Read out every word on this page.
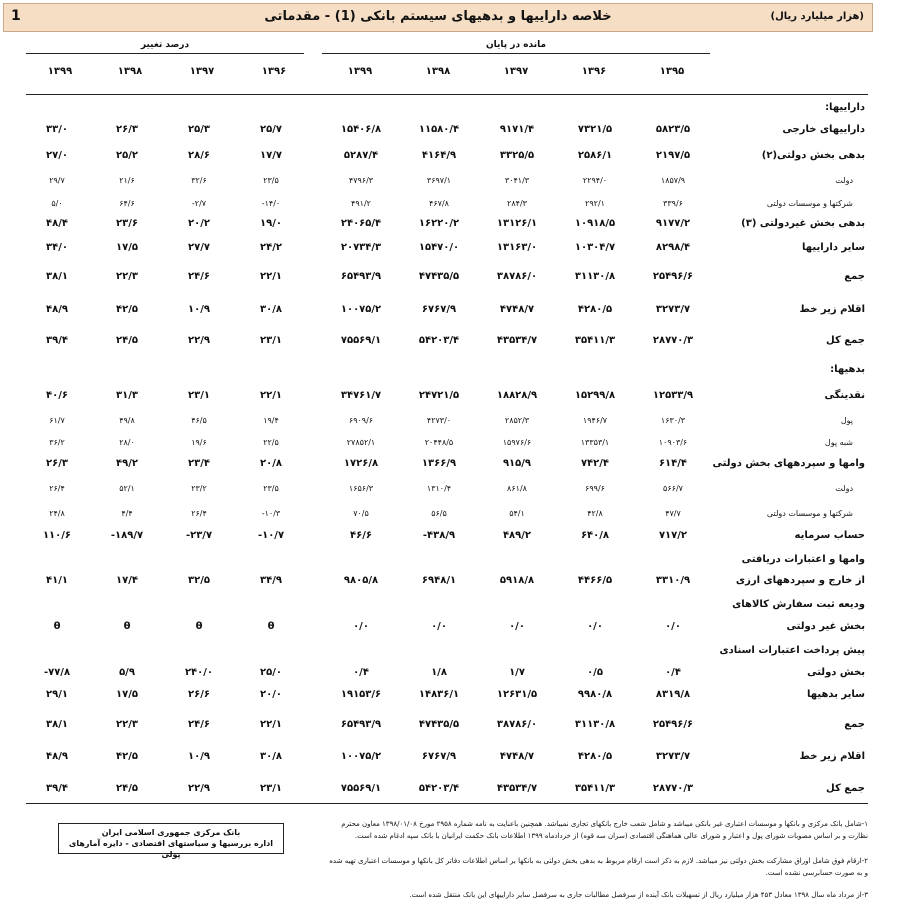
1	خلاصه داراییها و بدهیهای سیستم بانکی (1) - مقدماتی	(هزار میلیارد ریال)
مانده در پایان
درصد تغییر
۱۳۹۵
۱۳۹۶
۱۳۹۷
۱۳۹۸
۱۳۹۹
۱۳۹۶
۱۳۹۷
۱۳۹۸
۱۳۹۹
داراییها:
داراییهای خارجی
۵۸۲۳/۵
۷۳۲۱/۵
۹۱۷۱/۴
۱۱۵۸۰/۴
۱۵۴۰۶/۸
۲۵/۷
۲۵/۳
۲۶/۳
۳۳/۰
بدهی بخش دولتی(۲)
۲۱۹۷/۵
۲۵۸۶/۱
۳۳۲۵/۵
۴۱۶۴/۹
۵۲۸۷/۴
۱۷/۷
۲۸/۶
۲۵/۲
۲۷/۰
دولت
۱۸۵۷/۹
۲۲۹۴/۰
۳۰۴۱/۳
۳۶۹۷/۱
۴۷۹۶/۳
۲۳/۵
۳۲/۶
۲۱/۶
۲۹/۷
شرکتها و موسسات دولتی
۳۳۹/۶
۲۹۲/۱
۲۸۴/۳
۴۶۷/۸
۴۹۱/۲
-۱۴/۰
-۲/۷
۶۴/۶
۵/۰
بدهی بخش غیردولتی (۳)
۹۱۷۷/۲
۱۰۹۱۸/۵
۱۳۱۲۶/۱
۱۶۲۲۰/۲
۲۴۰۶۵/۴
۱۹/۰
۲۰/۲
۲۳/۶
۴۸/۴
سایر داراییها
۸۲۹۸/۴
۱۰۳۰۴/۷
۱۳۱۶۳/۰
۱۵۴۷۰/۰
۲۰۷۳۴/۳
۲۴/۲
۲۷/۷
۱۷/۵
۳۴/۰
جمع
۲۵۴۹۶/۶
۳۱۱۳۰/۸
۳۸۷۸۶/۰
۴۷۴۳۵/۵
۶۵۴۹۳/۹
۲۲/۱
۲۴/۶
۲۲/۳
۳۸/۱
اقلام زیر خط
۳۲۷۳/۷
۴۲۸۰/۵
۴۷۴۸/۷
۶۷۶۷/۹
۱۰۰۷۵/۲
۳۰/۸
۱۰/۹
۴۲/۵
۴۸/۹
جمع کل
۲۸۷۷۰/۳
۳۵۴۱۱/۳
۴۳۵۳۴/۷
۵۴۲۰۳/۴
۷۵۵۶۹/۱
۲۳/۱
۲۲/۹
۲۴/۵
۳۹/۴
بدهیها:
نقدینگی
۱۲۵۳۳/۹
۱۵۲۹۹/۸
۱۸۸۲۸/۹
۲۴۷۲۱/۵
۳۴۷۶۱/۷
۲۲/۱
۲۳/۱
۳۱/۳
۴۰/۶
پول
۱۶۳۰/۳
۱۹۴۶/۷
۲۸۵۲/۳
۴۲۷۳/۰
۶۹۰۹/۶
۱۹/۴
۴۶/۵
۴۹/۸
۶۱/۷
شبه پول
۱۰۹۰۳/۶
۱۳۳۵۳/۱
۱۵۹۷۶/۶
۲۰۴۴۸/۵
۲۷۸۵۲/۱
۲۲/۵
۱۹/۶
۲۸/۰
۳۶/۲
وامها و سپردههای بخش دولتی
۶۱۴/۴
۷۴۲/۴
۹۱۵/۹
۱۳۶۶/۹
۱۷۲۶/۸
۲۰/۸
۲۳/۴
۴۹/۲
۲۶/۳
دولت
۵۶۶/۷
۶۹۹/۶
۸۶۱/۸
۱۳۱۰/۴
۱۶۵۶/۳
۲۳/۵
۲۳/۲
۵۲/۱
۲۶/۴
شرکتها و موسسات دولتی
۴۷/۷
۴۲/۸
۵۴/۱
۵۶/۵
۷۰/۵
-۱۰/۳
۲۶/۴
۴/۴
۲۴/۸
حساب سرمایه
۷۱۷/۲
۶۴۰/۸
۴۸۹/۲
-۴۳۸/۹
۴۶/۶
-۱۰/۷
-۲۳/۷
-۱۸۹/۷
۱۱۰/۶
وامها و اعتبارات دریافتی
از خارج و سپردههای ارزی
۳۳۱۰/۹
۴۴۶۶/۵
۵۹۱۸/۸
۶۹۴۸/۱
۹۸۰۵/۸
۳۴/۹
۳۲/۵
۱۷/۴
۴۱/۱
ودیعه ثبت سفارش کالاهای
بخش غیر دولتی
۰/۰
۰/۰
۰/۰
۰/۰
۰/۰
θ
θ
θ
θ
پیش پرداخت اعتبارات اسنادی
بخش دولتی
۰/۴
۰/۵
۱/۷
۱/۸
۰/۴
۲۵/۰
۲۴۰/۰
۵/۹
-۷۷/۸
سایر بدهیها
۸۳۱۹/۸
۹۹۸۰/۸
۱۲۶۳۱/۵
۱۴۸۳۶/۱
۱۹۱۵۳/۶
۲۰/۰
۲۶/۶
۱۷/۵
۲۹/۱
جمع
۲۵۴۹۶/۶
۳۱۱۳۰/۸
۳۸۷۸۶/۰
۴۷۴۳۵/۵
۶۵۴۹۳/۹
۲۲/۱
۲۴/۶
۲۲/۳
۳۸/۱
اقلام زیر خط
۳۲۷۳/۷
۴۲۸۰/۵
۴۷۴۸/۷
۶۷۶۷/۹
۱۰۰۷۵/۲
۳۰/۸
۱۰/۹
۴۲/۵
۴۸/۹
جمع کل
۲۸۷۷۰/۳
۳۵۴۱۱/۳
۴۳۵۳۴/۷
۵۴۲۰۳/۴
۷۵۵۶۹/۱
۲۳/۱
۲۲/۹
۲۴/۵
۳۹/۴
بانک مرکزی جمهوری اسلامی ایران
اداره بررسیها و سیاستهای اقتصادی - دایره آمارهای پولی
۱-شامل بانک مرکزی و بانکها و موسسات اعتباری غیر بانکی میباشد و شامل شعب خارج بانکهای تجاری نمیباشد. همچنین باعنایت به نامه شماره ۲۹۵۸ مورخ ۱۳۹۸/۰۱/۰۸ معاون محترم نظارت و بر اساس مصوبات شورای پول و اعتبار و شورای عالی هماهنگی اقتصادی (سران سه قوه) از خردادماه ۱۳۹۹ اطلاعات بانک حکمت ایرانیان با بانک سپه ادغام شده است.
۲-ارقام فوق شامل اوراق مشارکت بخش دولتی نیز میباشد. لازم به ذکر است ارقام مربوط به بدهی بخش دولتی به بانکها بر اساس اطلاعات دفاتر کل بانکها و موسسات اعتباری تهیه شده و به صورت حسابرسی نشده است.
۳-از مرداد ماه سال ۱۳۹۸ معادل ۴۵۳ هزار میلیارد ریال از تسهیلات بانک آینده از سرفصل مطالبات جاری به سرفصل سایر داراییهای این بانک منتقل شده است.
